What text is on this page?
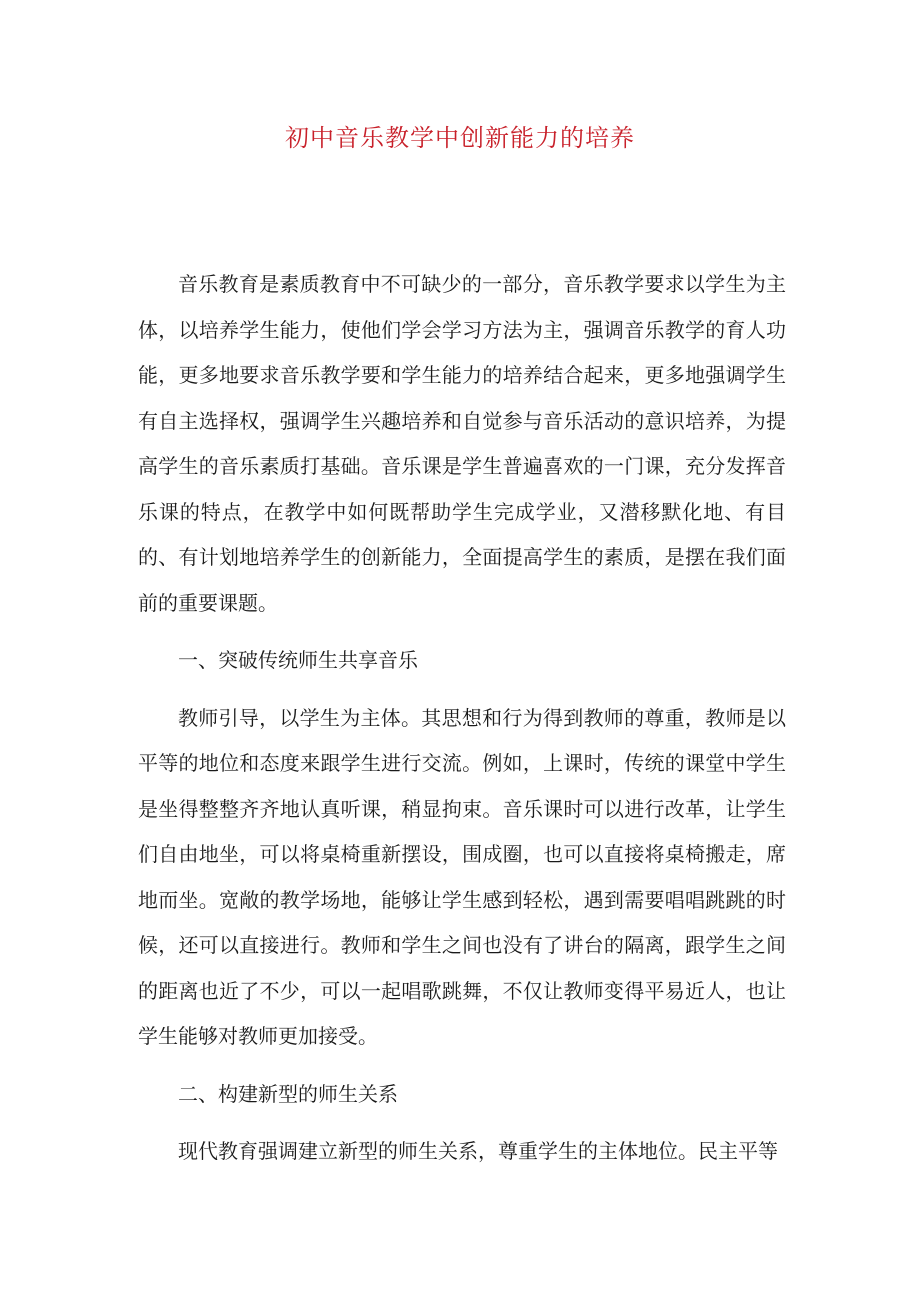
初中音乐教学中创新能力的培养

音乐教育是素质教育中不可缺少的一部分，音乐教学要求以学生为主体，以培养学生能力，使他们学会学习方法为主，强调音乐教学的育人功能，更多地要求音乐教学要和学生能力的培养结合起来，更多地强调学生有自主选择权，强调学生兴趣培养和自觉参与音乐活动的意识培养，为提高学生的音乐素质打基础。音乐课是学生普遍喜欢的一门课，充分发挥音乐课的特点，在教学中如何既帮助学生完成学业，又潜移默化地、有目的、有计划地培养学生的创新能力，全面提高学生的素质，是摆在我们面前的重要课题。

一、突破传统师生共享音乐

教师引导，以学生为主体。其思想和行为得到教师的尊重，教师是以平等的地位和态度来跟学生进行交流。例如，上课时，传统的课堂中学生是坐得整整齐齐地认真听课，稍显拘束。音乐课时可以进行改革，让学生们自由地坐，可以将桌椅重新摆设，围成圈，也可以直接将桌椅搬走，席地而坐。宽敞的教学场地，能够让学生感到轻松，遇到需要唱唱跳跳的时候，还可以直接进行。教师和学生之间也没有了讲台的隔离，跟学生之间的距离也近了不少，可以一起唱歌跳舞，不仅让教师变得平易近人，也让学生能够对教师更加接受。

二、构建新型的师生关系

现代教育强调建立新型的师生关系，尊重学生的主体地位。民主平等
